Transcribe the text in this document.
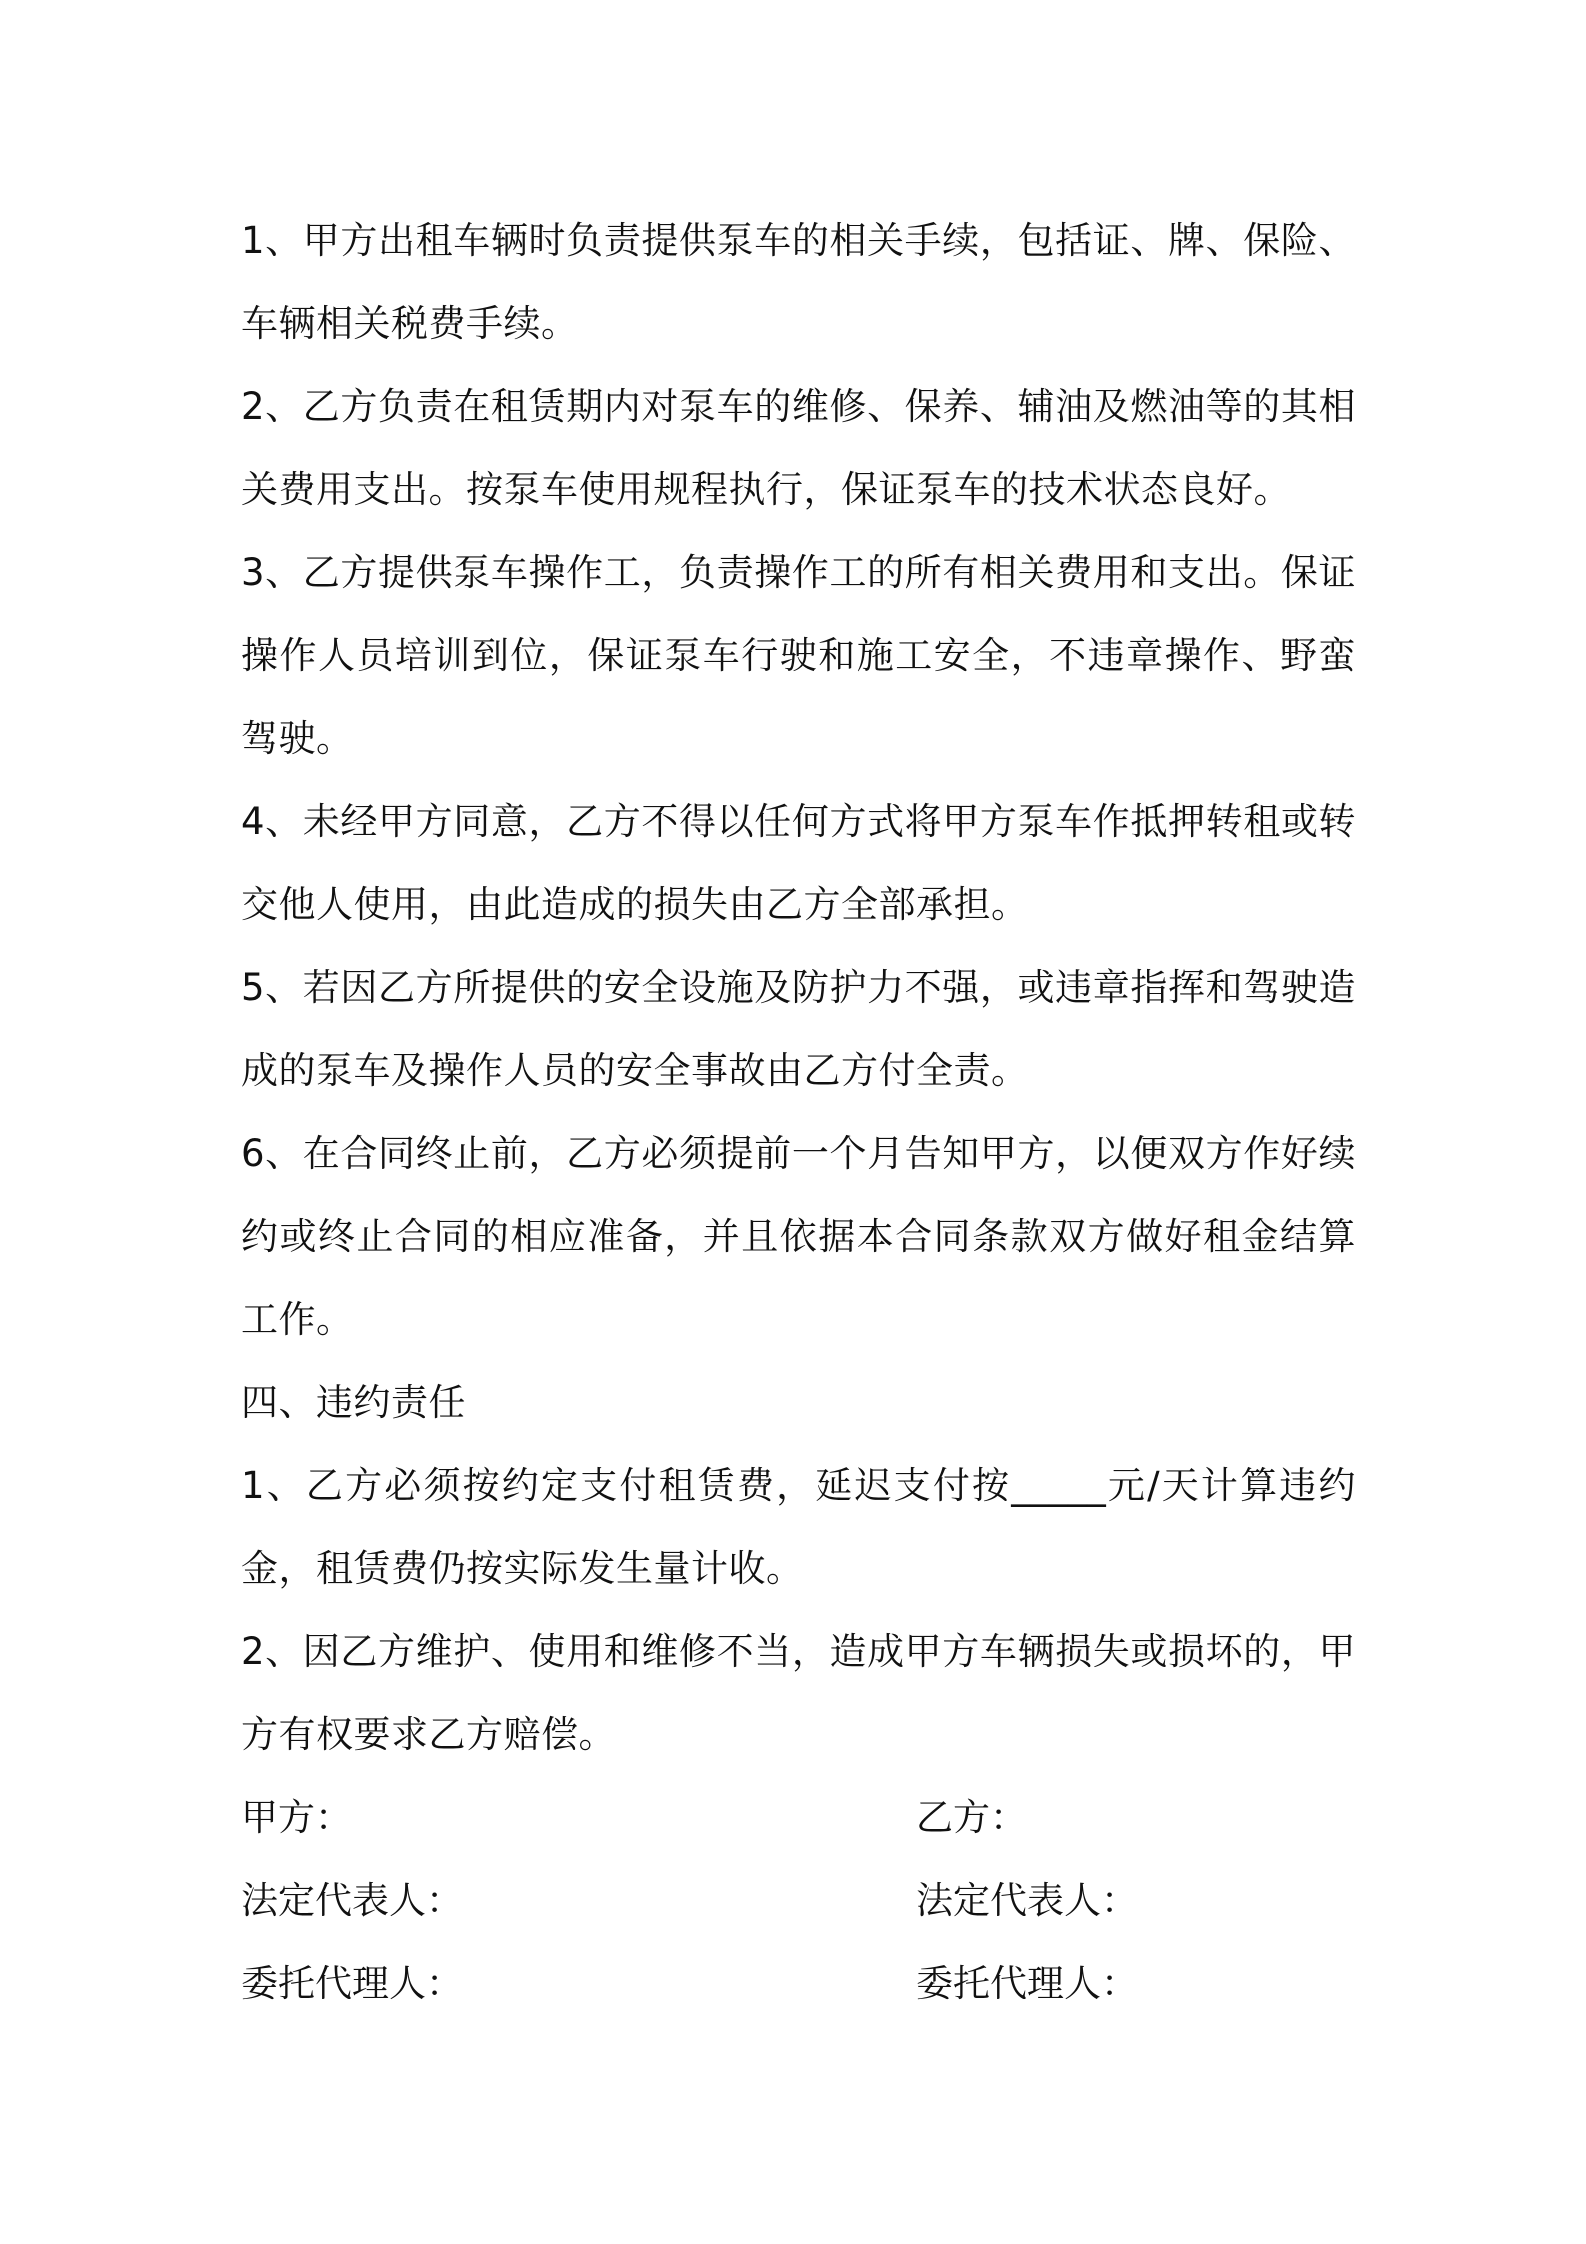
1、甲方出租车辆时负责提供泵车的相关手续，包括证、牌、保险、车辆相关税费手续。

2、乙方负责在租赁期内对泵车的维修、保养、辅油及燃油等的其相关费用支出。按泵车使用规程执行，保证泵车的技术状态良好。

3、乙方提供泵车操作工，负责操作工的所有相关费用和支出。保证操作人员培训到位，保证泵车行驶和施工安全，不违章操作、野蛮驾驶。

4、未经甲方同意，乙方不得以任何方式将甲方泵车作抵押转租或转交他人使用，由此造成的损失由乙方全部承担。

5、若因乙方所提供的安全设施及防护力不强，或违章指挥和驾驶造成的泵车及操作人员的安全事故由乙方付全责。

6、在合同终止前，乙方必须提前一个月告知甲方，以便双方作好续约或终止合同的相应准备，并且依据本合同条款双方做好租金结算工作。

四、违约责任

1、乙方必须按约定支付租赁费，延迟支付按_____元/天计算违约金，租赁费仍按实际发生量计收。

2、因乙方维护、使用和维修不当，造成甲方车辆损失或损坏的，甲方有权要求乙方赔偿。

甲方：	乙方：
法定代表人：	法定代表人：
委托代理人：	委托代理人：
